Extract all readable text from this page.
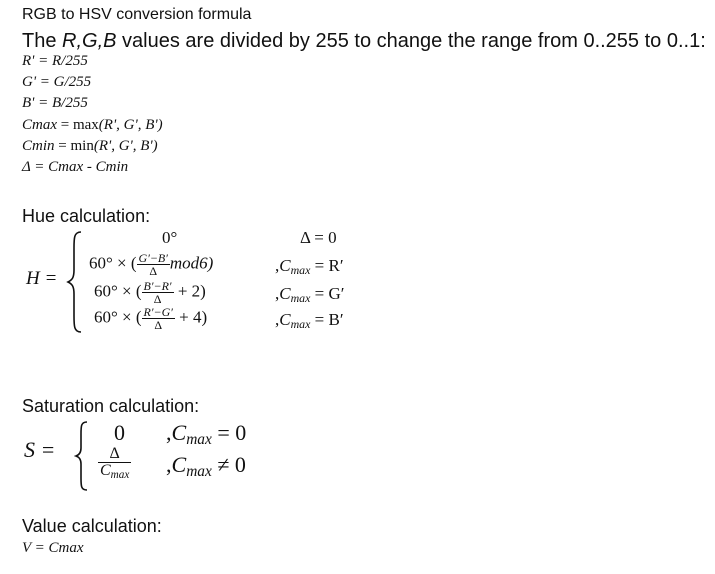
RGB to HSV conversion formula
The R,G,B values are divided by 255 to change the range from 0..255 to 0..1:
R' = R/255
G' = G/255
B' = B/255
Cmax = max(R', G', B')
Cmin = min(R', G', B')
Δ = Cmax - Cmin
Hue calculation:
H =
0°	Δ = 0
60° × ( $\frac{G'-B'}{\Delta} mod6$)	$,C_{max} = R'$
60° × ( $\frac{B'-R'}{\Delta} + 2$)	$,C_{max} = G'$
60° × ( $\frac{R'-G'}{\Delta} + 4$)	$,C_{max} = B'$
Saturation calculation:
S =
0 $,C_{max} = 0$
$\frac{\Delta}{C_{max}} ,C_{max} \ne 0$
Value calculation:
V = Cmax
